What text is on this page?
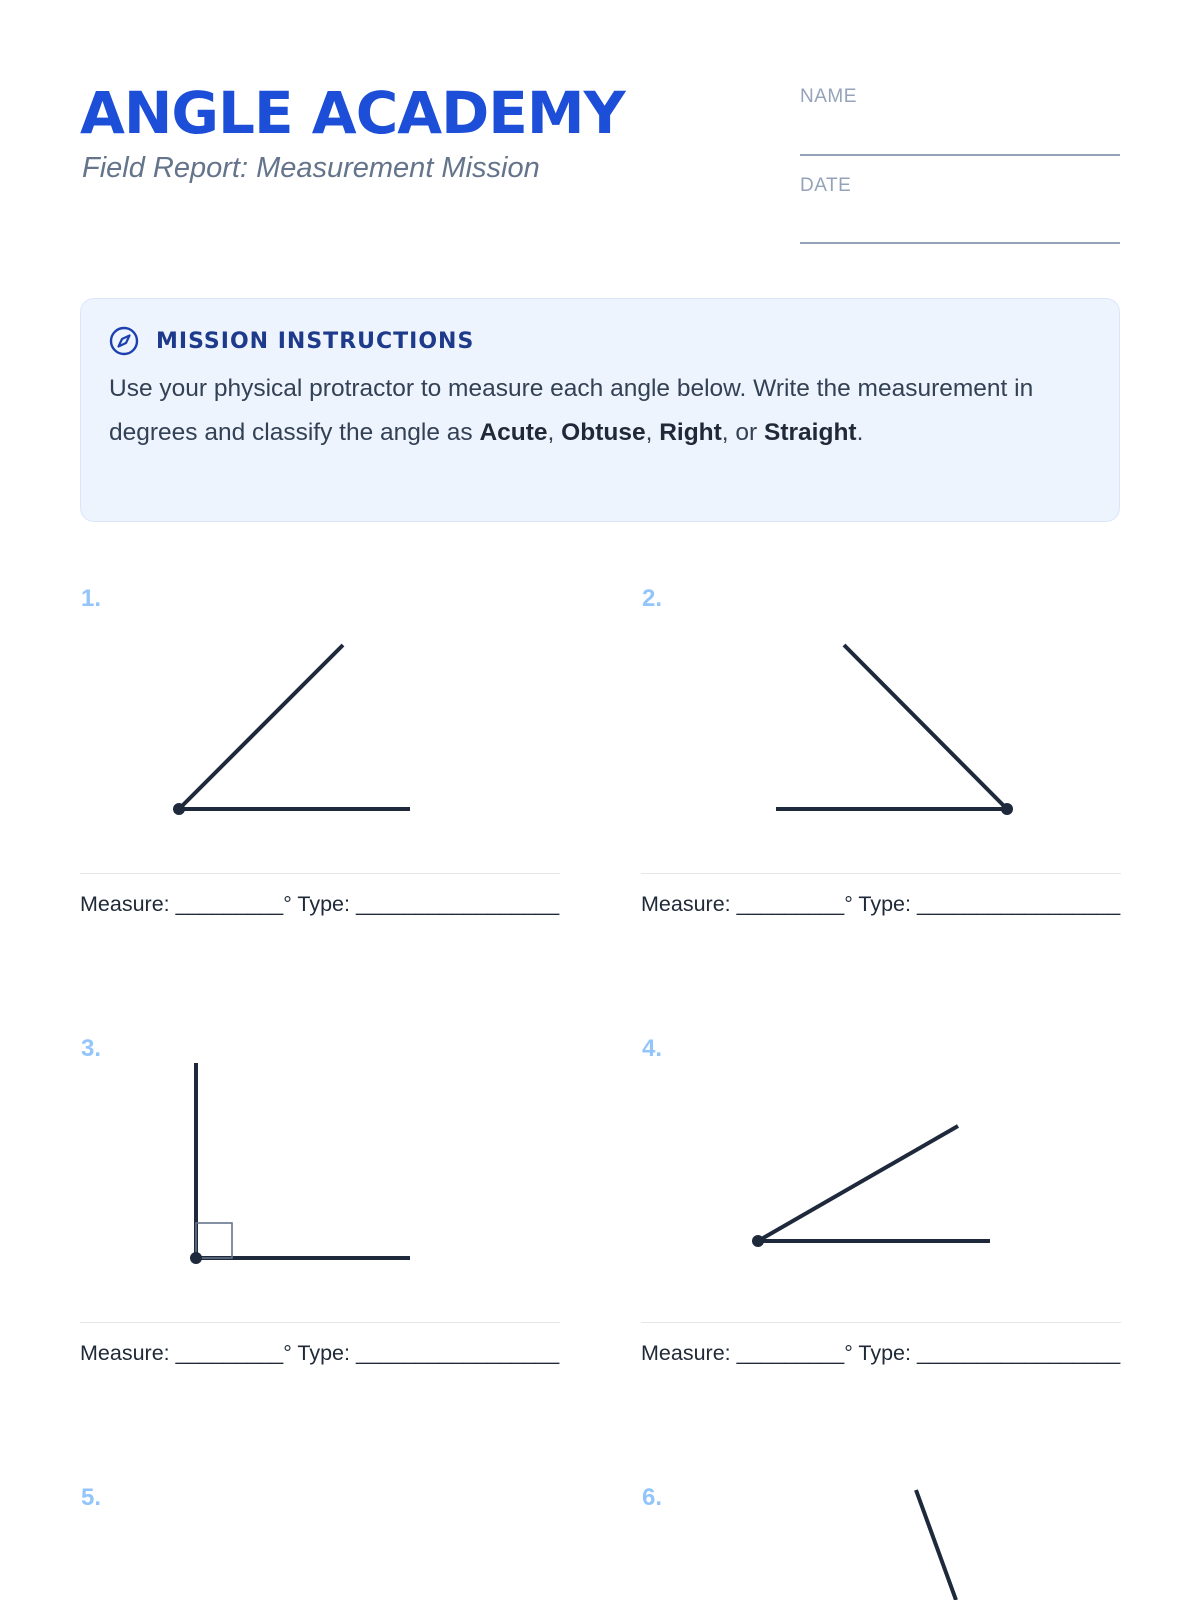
ANGLE ACADEMY
Field Report: Measurement Mission
NAME
DATE
MISSION INSTRUCTIONS
Use your physical protractor to measure each angle below. Write the measurement in degrees and classify the angle as Acute, Obtuse, Right, or Straight.
1.	2.
3.	4.
5.	6.
Measure: _________° Type: _________________	Measure: _________° Type: _________________
Measure: _________° Type: _________________	Measure: _________° Type: _________________
